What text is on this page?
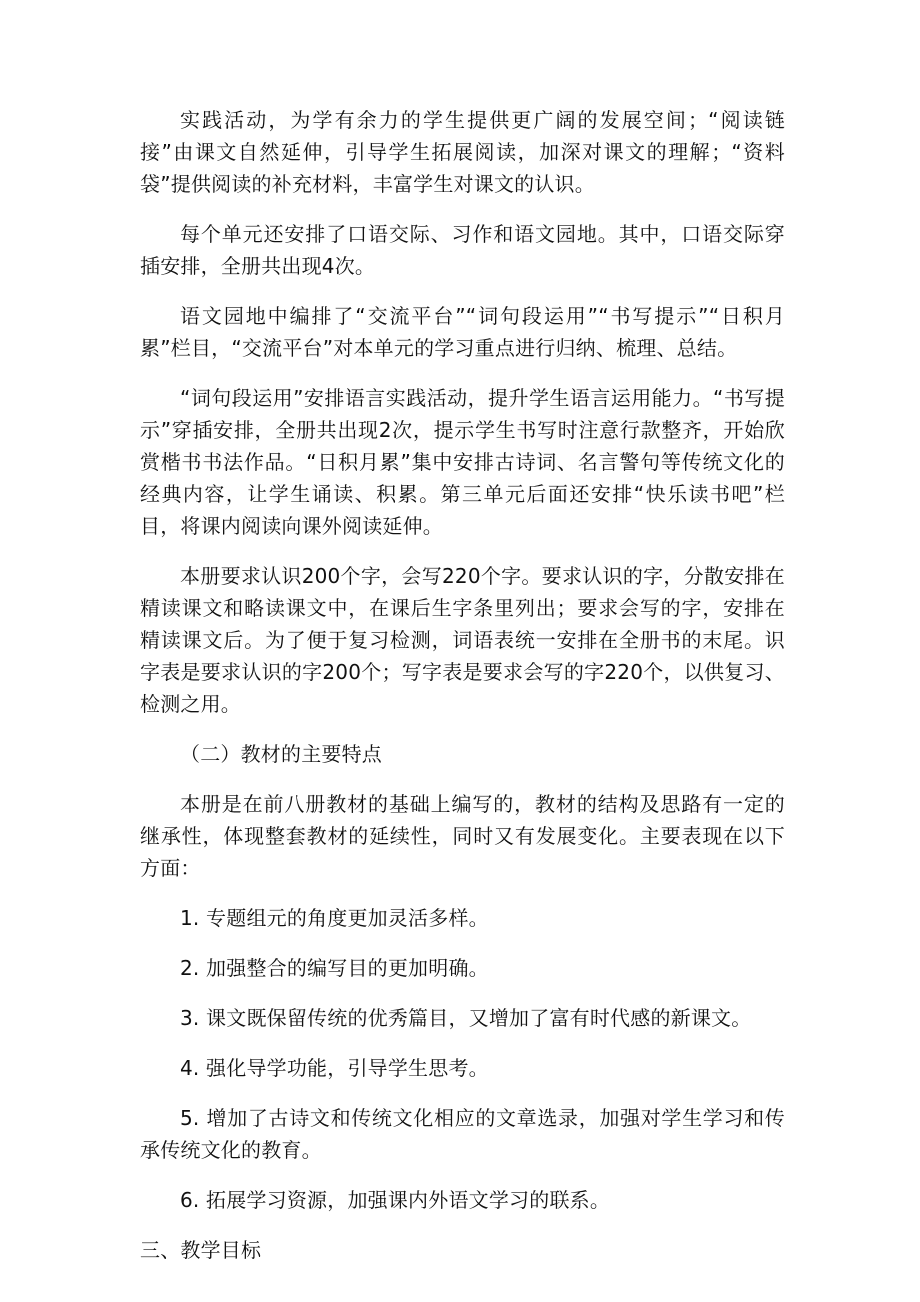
实践活动，为学有余力的学生提供更广阔的发展空间；“阅读链接”由课文自然延伸，引导学生拓展阅读，加深对课文的理解；“资料袋”提供阅读的补充材料，丰富学生对课文的认识。

每个单元还安排了口语交际、习作和语文园地。其中，口语交际穿插安排，全册共出现4次。

语文园地中编排了“交流平台”“词句段运用”“书写提示”“日积月累”栏目，“交流平台”对本单元的学习重点进行归纳、梳理、总结。

“词句段运用”安排语言实践活动，提升学生语言运用能力。“书写提示”穿插安排，全册共出现2次，提示学生书写时注意行款整齐，开始欣赏楷书书法作品。“日积月累”集中安排古诗词、名言警句等传统文化的经典内容，让学生诵读、积累。第三单元后面还安排“快乐读书吧”栏目，将课内阅读向课外阅读延伸。

本册要求认识200个字，会写220个字。要求认识的字，分散安排在精读课文和略读课文中，在课后生字条里列出；要求会写的字，安排在精读课文后。为了便于复习检测，词语表统一安排在全册书的末尾。识字表是要求认识的字200个；写字表是要求会写的字220个，以供复习、检测之用。

（二）教材的主要特点

本册是在前八册教材的基础上编写的，教材的结构及思路有一定的继承性，体现整套教材的延续性，同时又有发展变化。主要表现在以下方面：

1. 专题组元的角度更加灵活多样。

2. 加强整合的编写目的更加明确。

3. 课文既保留传统的优秀篇目，又增加了富有时代感的新课文。

4. 强化导学功能，引导学生思考。

5. 增加了古诗文和传统文化相应的文章选录，加强对学生学习和传承传统文化的教育。

6. 拓展学习资源，加强课内外语文学习的联系。

三、教学目标
